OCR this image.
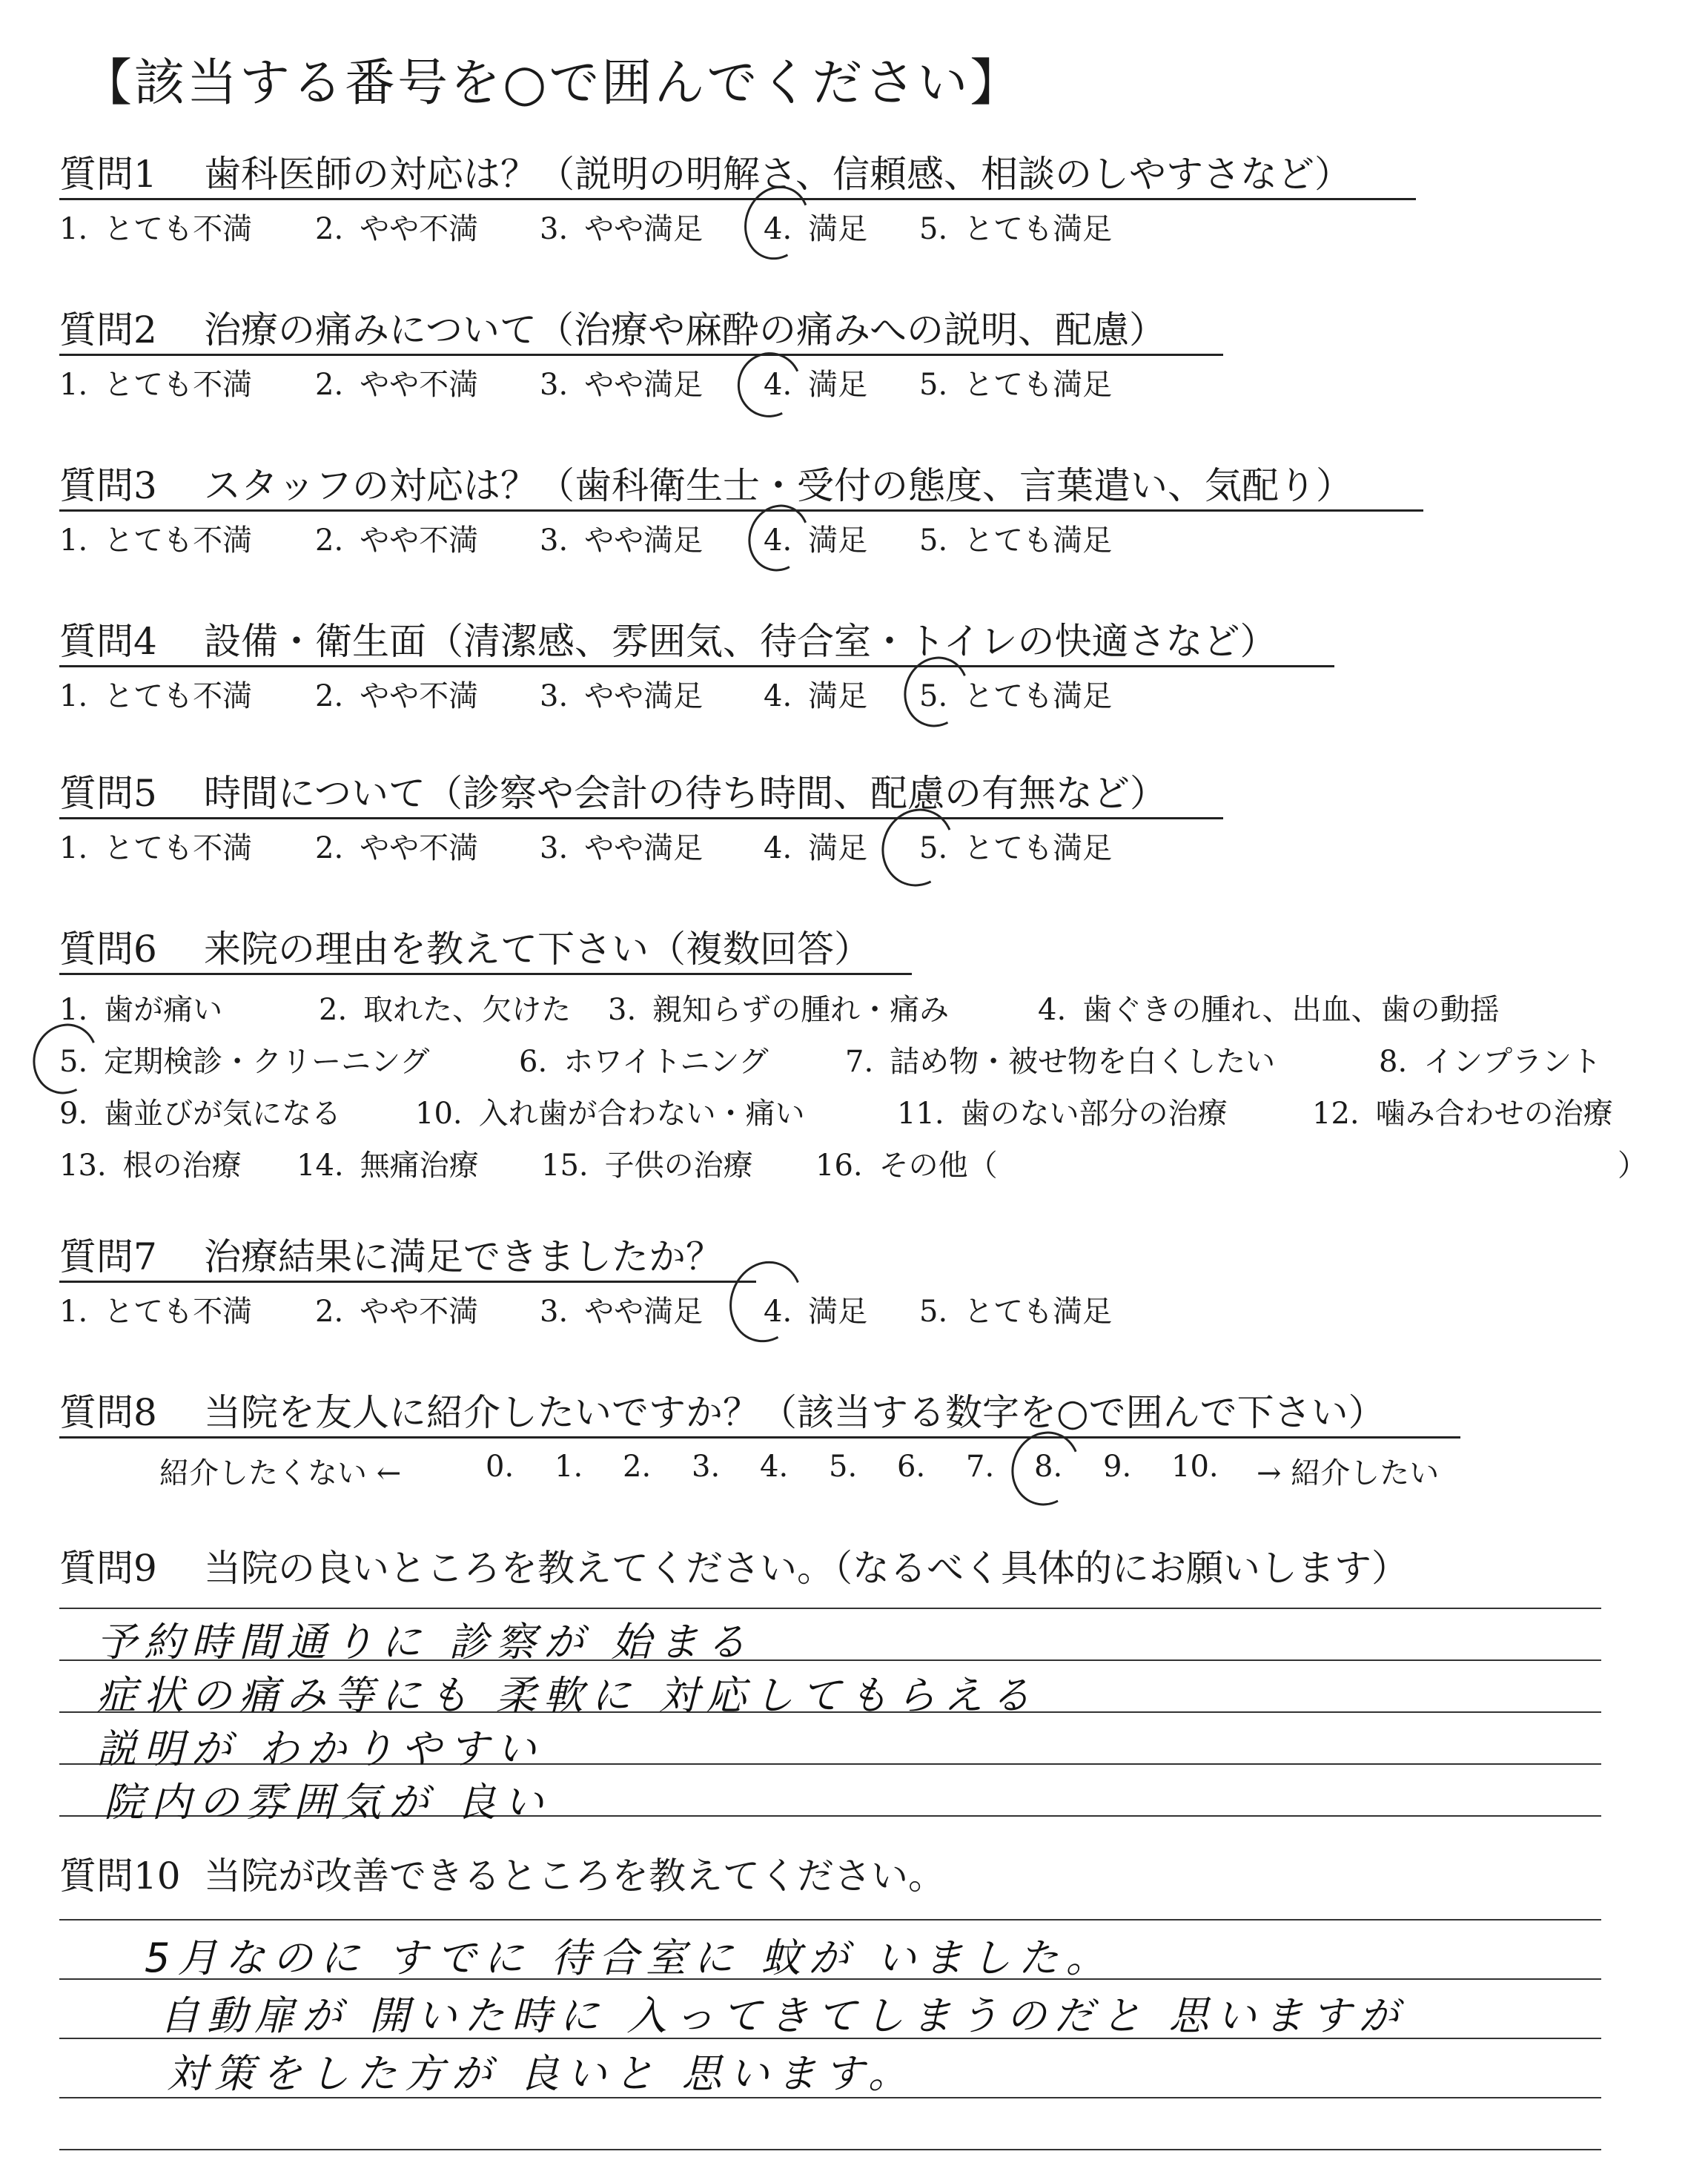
【該当する番号を○で囲んでください】
質問1 歯科医師の対応は？（説明の明解さ、信頼感、相談のしやすさなど）
1. とても不満 2. やや不満 3. やや満足 4. 満足 5. とても満足
質問2 治療の痛みについて（治療や麻酔の痛みへの説明、配慮）
1. とても不満 2. やや不満 3. やや満足 4. 満足 5. とても満足
質問3 スタッフの対応は？（歯科衛生士・受付の態度、言葉遣い、気配り）
1. とても不満 2. やや不満 3. やや満足 4. 満足 5. とても満足
質問4 設備・衛生面（清潔感、雰囲気、待合室・トイレの快適さなど）
1. とても不満 2. やや不満 3. やや満足 4. 満足 5. とても満足
質問5 時間について（診察や会計の待ち時間、配慮の有無など）
1. とても不満 2. やや不満 3. やや満足 4. 満足 5. とても満足
質問6 来院の理由を教えて下さい（複数回答）
1. 歯が痛い	2. 取れた、欠けた 3. 親知らずの腫れ・痛み	4. 歯ぐきの腫れ、出血、歯の動揺
5. 定期検診・クリーニング	6. ホワイトニング	7. 詰め物・被せ物を白くしたい	8. インプラント
9. 歯並びが気になる 10. 入れ歯が合わない・痛い	11. 歯のない部分の治療	12. 噛み合わせの治療
13. 根の治療 14. 無痛治療 15. 子供の治療 16. その他（	）
質問7 治療結果に満足できましたか？
1. とても不満 2. やや不満 3. やや満足 4. 満足 5. とても満足
質問8 当院を友人に紹介したいですか？（該当する数字を○で囲んで下さい）
紹介したくない ←	0. 1. 2. 3. 4. 5. 6. 7. 8. 9. 10. → 紹介したい
質問9 当院の良いところを教えてください。（なるべく具体的にお願いします）
予約時間通りに 診察が 始まる
症状の痛み等にも 柔軟に 対応してもらえる
説明が わかりやすい
院内の雰囲気が 良い
質問10 当院が改善できるところを教えてください。
5月なのに すでに 待合室に 蚊が いました。
自動扉が 開いた時に 入ってきてしまうのだと 思いますが
対策をした方が 良いと 思います。
